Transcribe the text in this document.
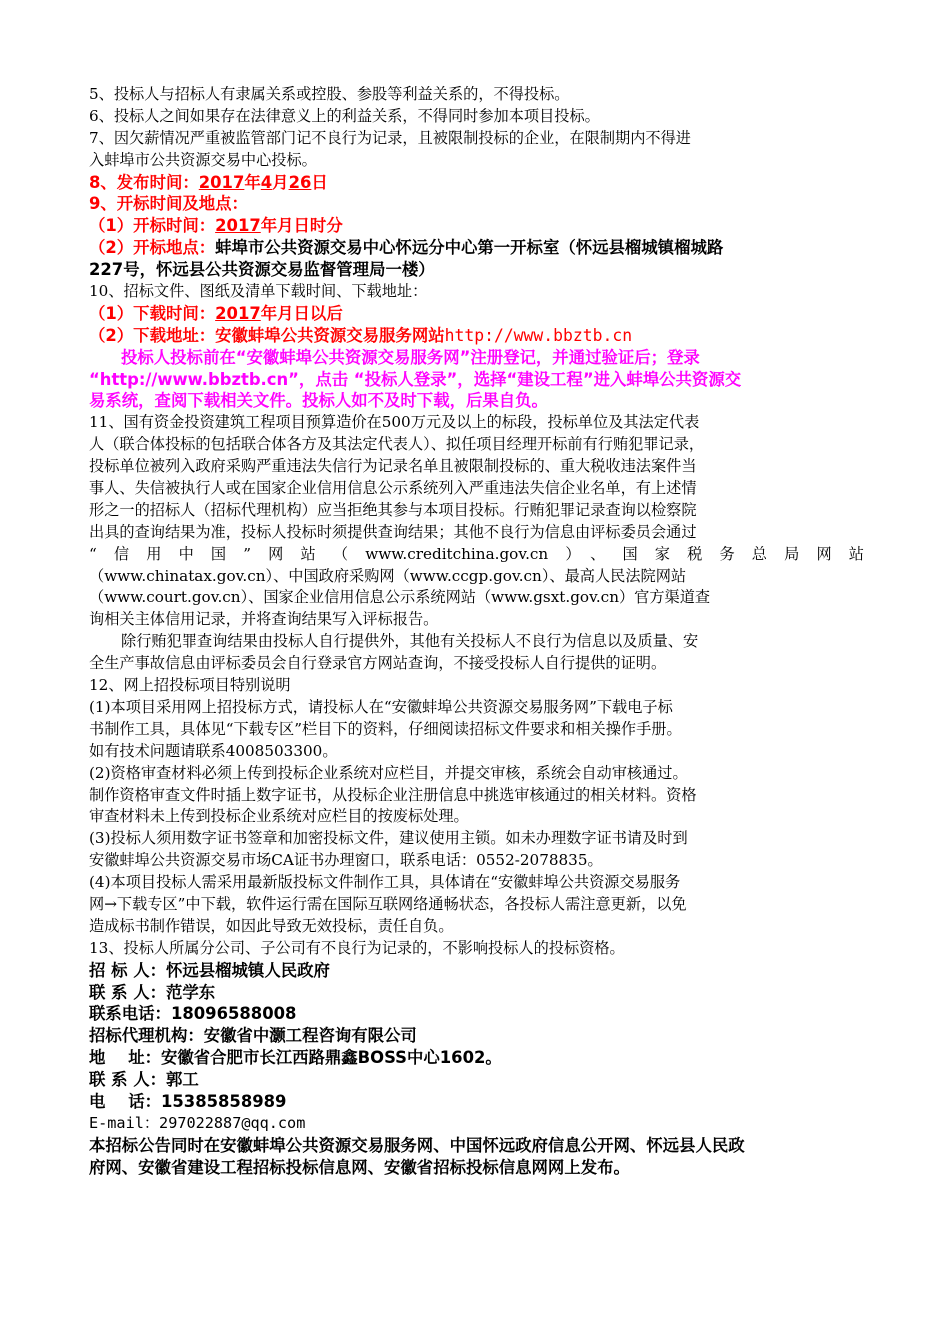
5、投标人与招标人有隶属关系或控股、参股等利益关系的，不得投标。
6、投标人之间如果存在法律意义上的利益关系，不得同时参加本项目投标。
7、因欠薪情况严重被监管部门记不良行为记录，且被限制投标的企业，在限制期内不得进
入蚌埠市公共资源交易中心投标。
8、发布时间：2017年4月26日
9、开标时间及地点：
（1）开标时间：2017年月日时分
（2）开标地点：蚌埠市公共资源交易中心怀远分中心第一开标室（怀远县榴城镇榴城路
227号，怀远县公共资源交易监督管理局一楼）
10、招标文件、图纸及清单下载时间、下载地址：
（1）下载时间：2017年月日以后
（2）下载地址：安徽蚌埠公共资源交易服务网站http://www.bbztb.cn
投标人投标前在“安徽蚌埠公共资源交易服务网”注册登记，并通过验证后；登录
“http://www.bbztb.cn”，点击 “投标人登录”，选择“建设工程”进入蚌埠公共资源交
易系统，查阅下载相关文件。投标人如不及时下载，后果自负。
11、国有资金投资建筑工程项目预算造价在500万元及以上的标段，投标单位及其法定代表
人（联合体投标的包括联合体各方及其法定代表人）、拟任项目经理开标前有行贿犯罪记录，
投标单位被列入政府采购严重违法失信行为记录名单且被限制投标的、重大税收违法案件当
事人、失信被执行人或在国家企业信用信息公示系统列入严重违法失信企业名单，有上述情
形之一的招标人（招标代理机构）应当拒绝其参与本项目投标。行贿犯罪记录查询以检察院
出具的查询结果为准，投标人投标时须提供查询结果；其他不良行为信息由评标委员会通过
“信用中国”网站（www.creditchina.gov.cn）、国家税务总局网站
（www.chinatax.gov.cn）、中国政府采购网（www.ccgp.gov.cn）、最高人民法院网站
（www.court.gov.cn）、国家企业信用信息公示系统网站（www.gsxt.gov.cn）官方渠道查
询相关主体信用记录，并将查询结果写入评标报告。
除行贿犯罪查询结果由投标人自行提供外，其他有关投标人不良行为信息以及质量、安
全生产事故信息由评标委员会自行登录官方网站查询，不接受投标人自行提供的证明。
12、网上招投标项目特别说明
(1)本项目采用网上招投标方式，请投标人在“安徽蚌埠公共资源交易服务网”下载电子标
书制作工具，具体见“下载专区”栏目下的资料，仔细阅读招标文件要求和相关操作手册。
如有技术问题请联系4008503300。
(2)资格审查材料必须上传到投标企业系统对应栏目，并提交审核，系统会自动审核通过。
制作资格审查文件时插上数字证书，从投标企业注册信息中挑选审核通过的相关材料。资格
审查材料未上传到投标企业系统对应栏目的按废标处理。
(3)投标人须用数字证书签章和加密投标文件，建议使用主锁。如未办理数字证书请及时到
安徽蚌埠公共资源交易市场CA证书办理窗口，联系电话：0552-2078835。
(4)本项目投标人需采用最新版投标文件制作工具，具体请在“安徽蚌埠公共资源交易服务
网→下载专区”中下载，软件运行需在国际互联网络通畅状态，各投标人需注意更新，以免
造成标书制作错误，如因此导致无效投标，责任自负。
13、投标人所属分公司、子公司有不良行为记录的，不影响投标人的投标资格。
招 标 人：怀远县榴城镇人民政府
联 系 人：范学东
联系电话：18096588008
招标代理机构：安徽省中灏工程咨询有限公司
地    址：安徽省合肥市长江西路鼎鑫BOSS中心1602。
联 系 人：郭工
电    话：15385858989
E-mail：297022887@qq.com
本招标公告同时在安徽蚌埠公共资源交易服务网、中国怀远政府信息公开网、怀远县人民政
府网、安徽省建设工程招标投标信息网、安徽省招标投标信息网网上发布。
